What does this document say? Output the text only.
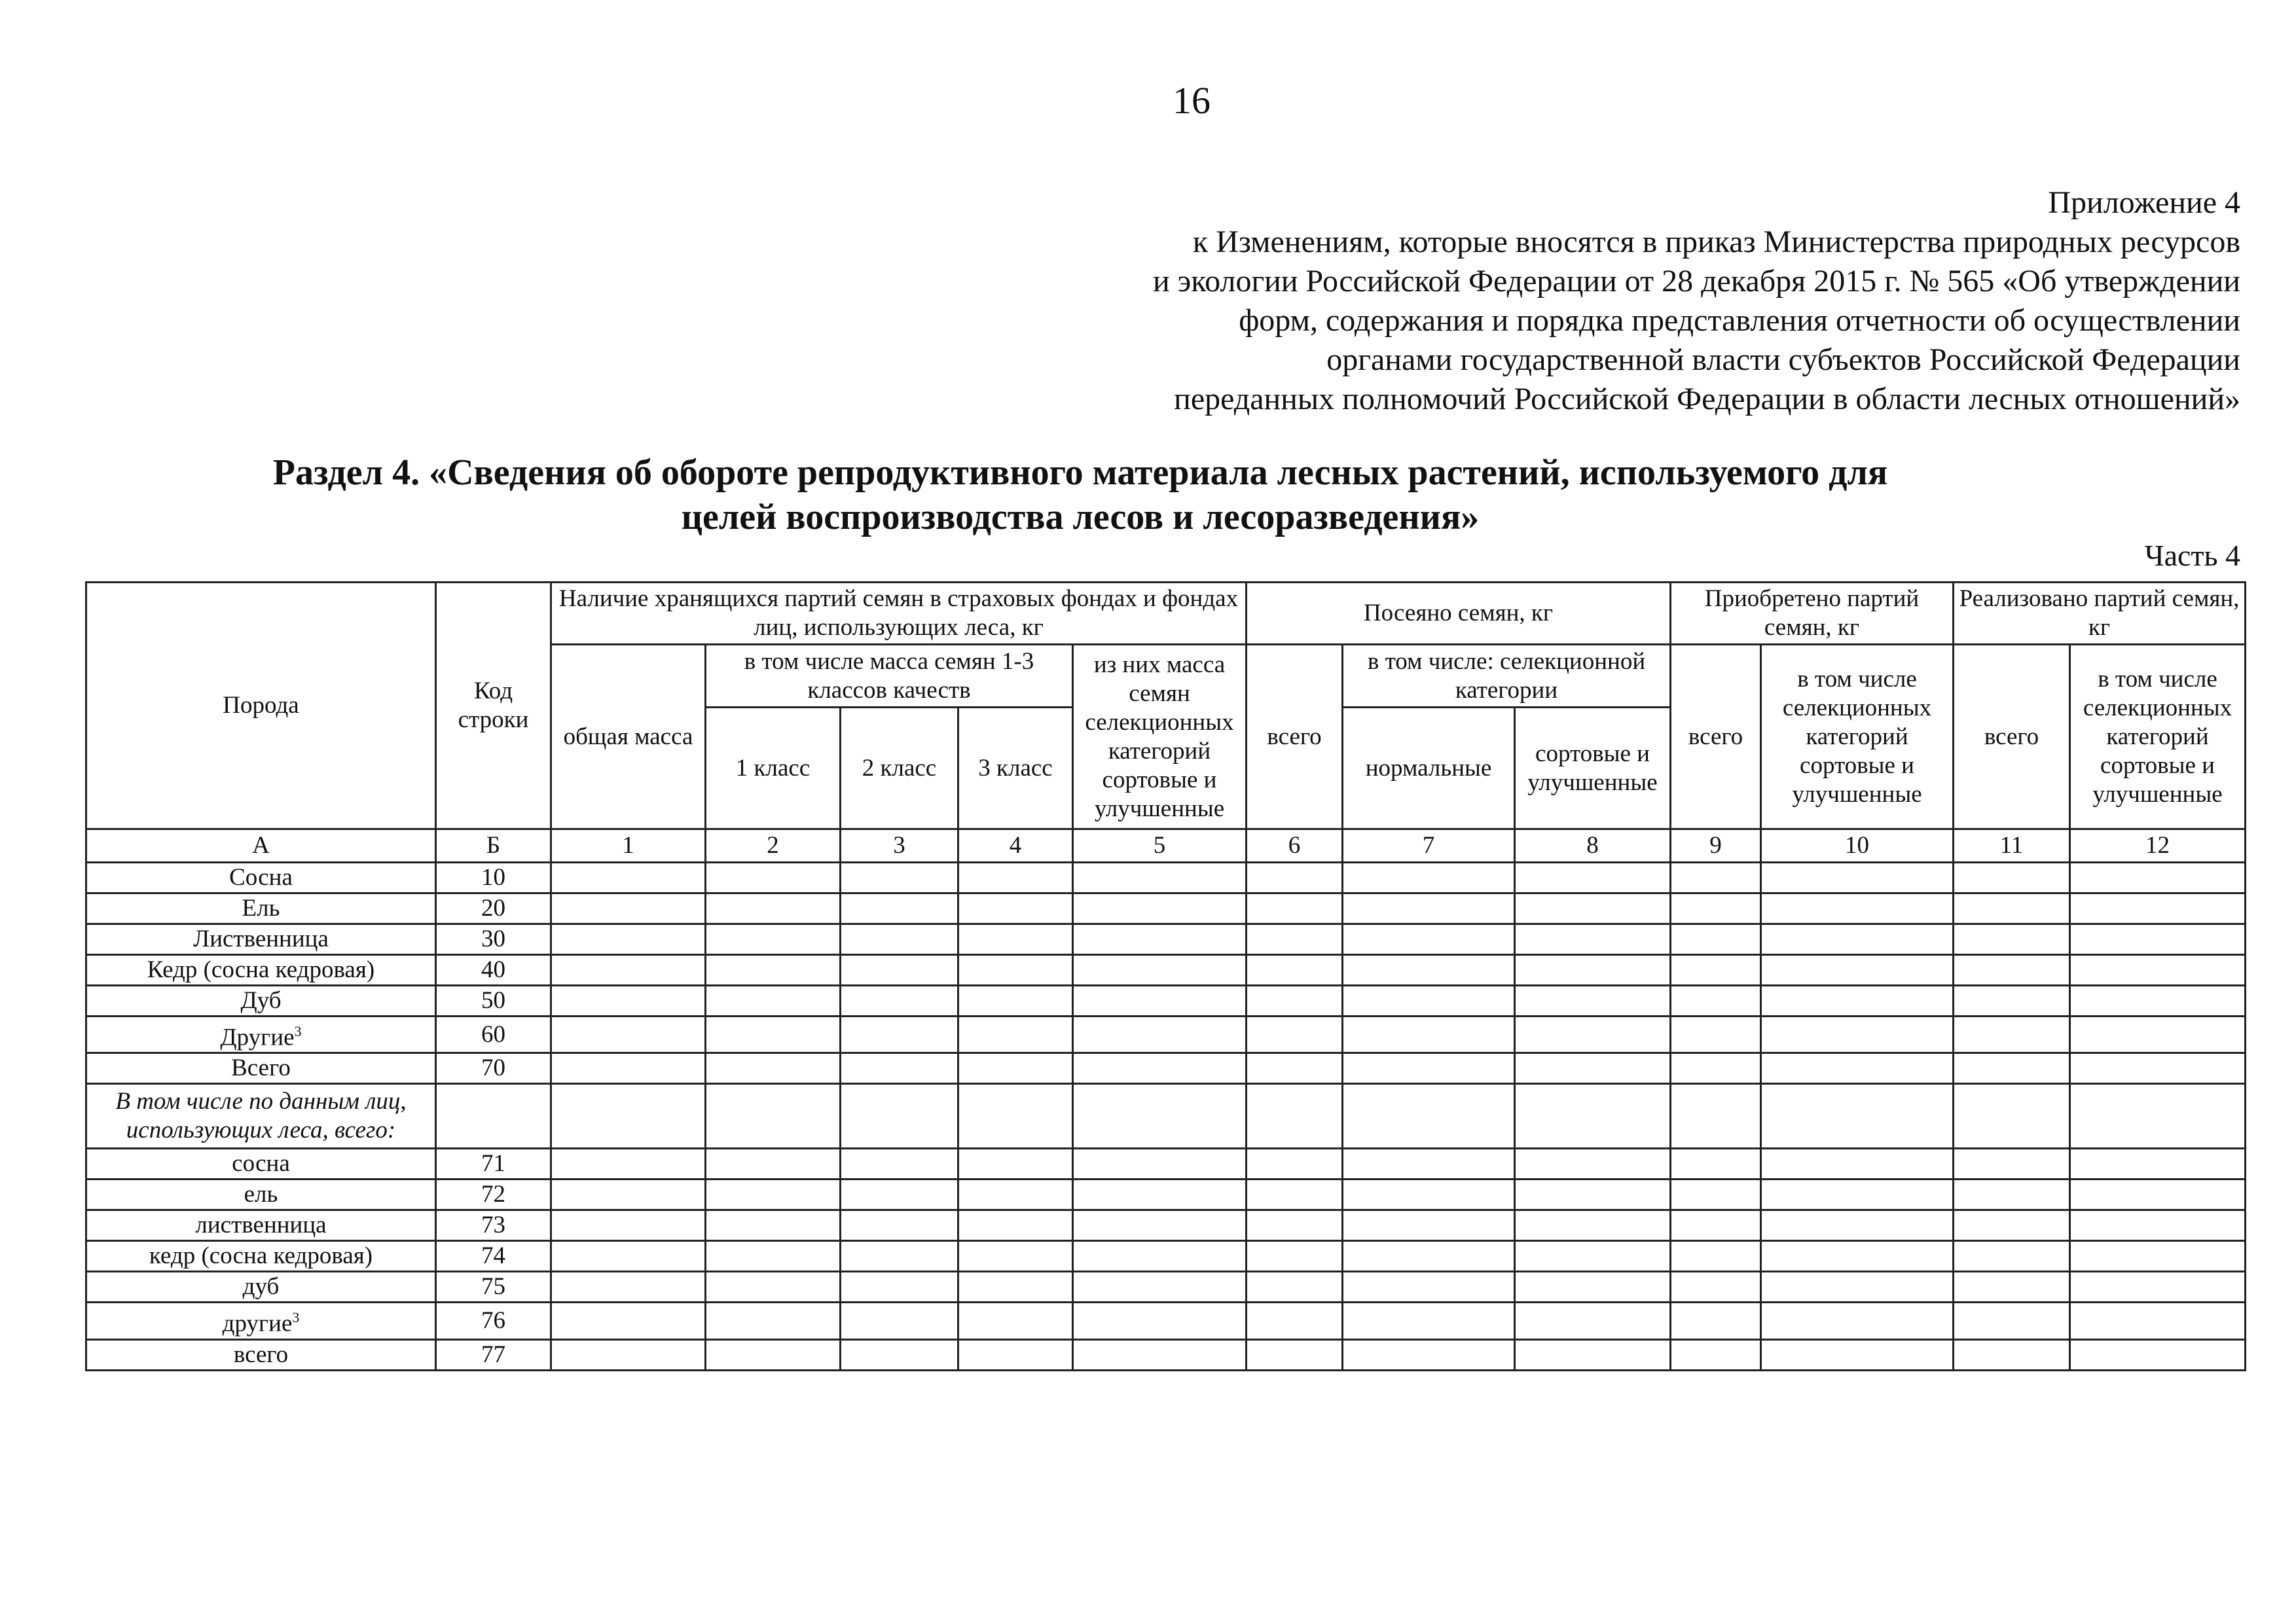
16
Приложение 4
к Изменениям, которые вносятся в приказ Министерства природных ресурсов
и экологии Российской Федерации от 28 декабря 2015 г. № 565 «Об утверждении
форм, содержания и порядка представления отчетности об осуществлении
органами государственной власти субъектов Российской Федерации
переданных полномочий Российской Федерации в области лесных отношений»
Раздел 4. «Сведения об обороте репродуктивного материала лесных растений, используемого для
целей воспроизводства лесов и лесоразведения»
Часть 4
Порода	Код строки	Наличие хранящихся партий семян в страховых фондах и фондах лиц, использующих леса, кг					Посеяно семян, кг			Приобретено партий семян, кг		Реализовано партий семян, кг	
		общая масса	в том числе масса семян 1-3 классов качеств			из них масса семян селекционных категорий сортовые и улучшенные	всего	в том числе: селекционной категории		всего	в том числе селекционных категорий сортовые и улучшенные	всего	в том числе селекционных категорий сортовые и улучшенные
			1 класс	2 класс	3 класс			нормальные	сортовые и улучшенные				
А	Б	1	2	3	4	5	6	7	8	9	10	11	12
Сосна	10												
Ель	20												
Лиственница	30												
Кедр (сосна кедровая)	40												
Дуб	50												
Другие$^3$	60												
Всего	70												
В том числе по данным лиц, использующих леса, всего:													
сосна	71												
ель	72												
лиственница	73												
кедр (сосна кедровая)	74												
дуб	75												
другие$^3$	76												
всего	77												
